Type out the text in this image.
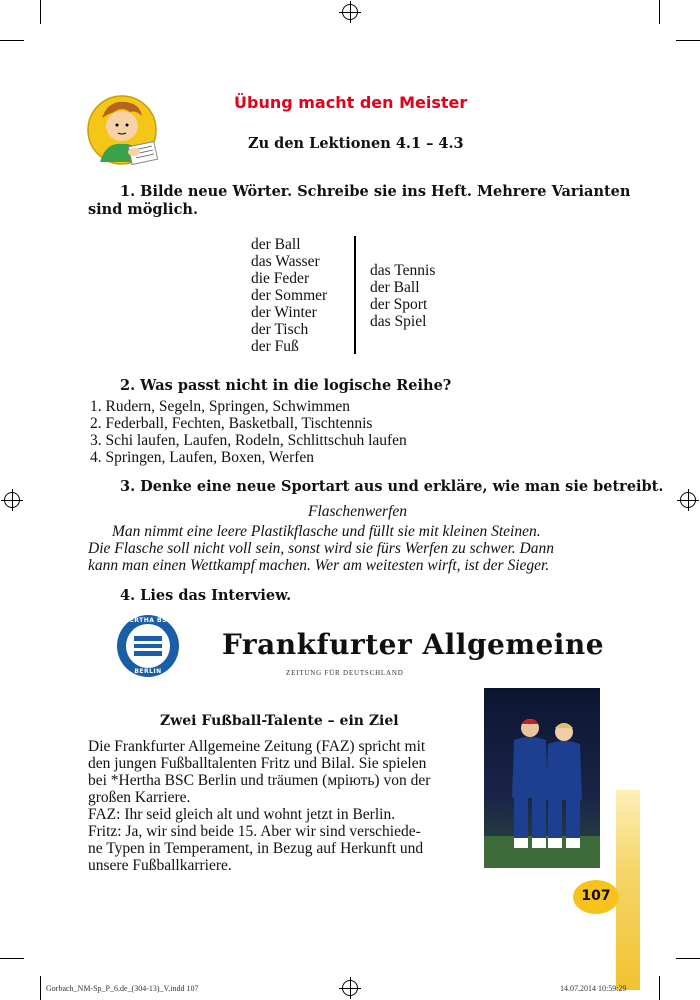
Übung macht den Meister
Zu den Lektionen 4.1 – 4.3
1. Bilde neue Wörter. Schreibe sie ins Heft. Mehrere Varianten
sind möglich.
der Ball
das Wasser
die Feder
der Sommer
der Winter
der Tisch
der Fuß
das Tennis
der Ball
der Sport
das Spiel
2. Was passt nicht in die logische Reihe?
1. Rudern, Segeln, Springen, Schwimmen
2. Federball, Fechten, Basketball, Tischtennis
3. Schi laufen, Laufen, Rodeln, Schlittschuh laufen
4. Springen, Laufen, Boxen, Werfen
3. Denke eine neue Sportart aus und erkläre, wie man sie betreibt.
Flaschenwerfen
Man nimmt eine leere Plastikflasche und füllt sie mit kleinen Steinen.
Die Flasche soll nicht voll sein, sonst wird sie fürs Werfen zu schwer. Dann
kann man einen Wettkampf machen. Wer am weitesten wirft, ist der Sieger.
4. Lies das Interview.
HERTHA BSC
BERLIN
Frankfurter Allgemeine
ZEITUNG FÜR DEUTSCHLAND
Zwei Fußball-Talente – ein Ziel
Die Frankfurter Allgemeine Zeitung (FAZ) spricht mit
den jungen Fußballtalenten Fritz und Bilal. Sie spielen
bei *Hertha BSC Berlin und träumen (мріють) von der
großen Karriere.
FAZ: Ihr seid gleich alt und wohnt jetzt in Berlin.
Fritz: Ja, wir sind beide 15. Aber wir sind verschiede-
ne Typen in Temperament, in Bezug auf Herkunft und
unsere Fußballkarriere.
107
Gorbach_NM-Sp_P_6.de_(304-13)_V.indd 107	14.07.2014 10:59:29
